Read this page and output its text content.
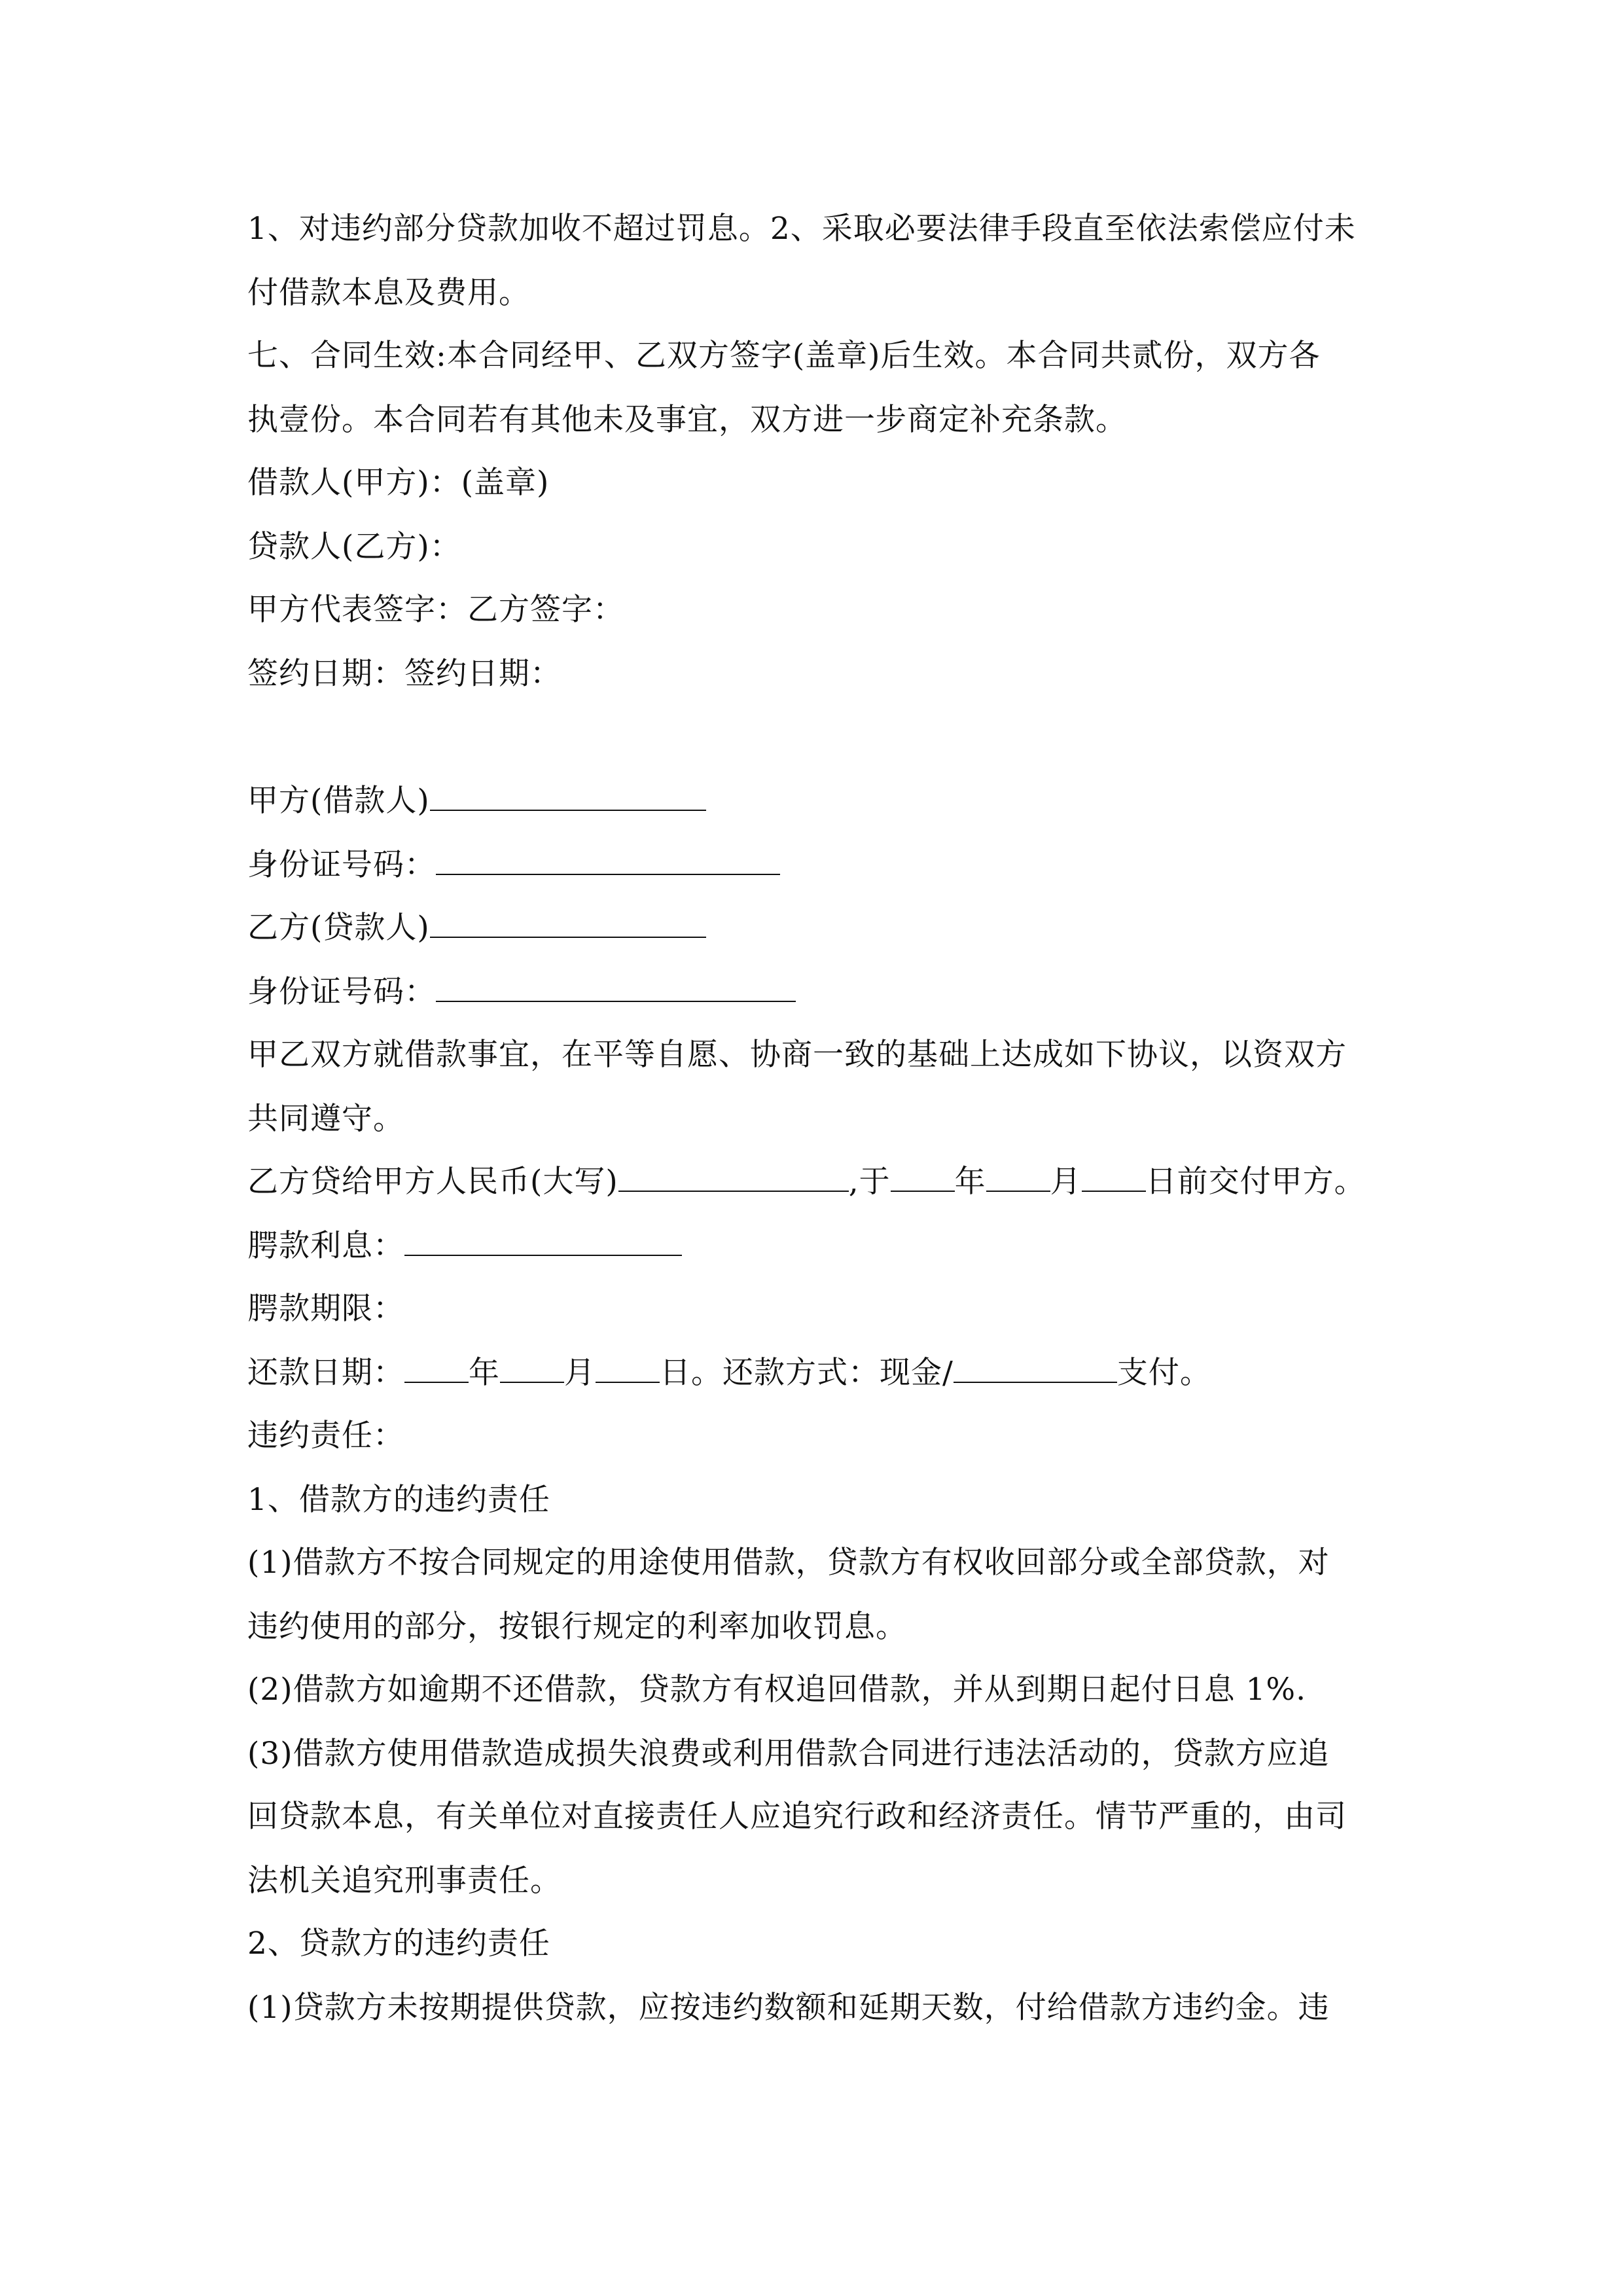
1、对违约部分贷款加收不超过罚息。2、采取必要法律手段直至依法索偿应付未
付借款本息及费用。
七、合同生效:本合同经甲、乙双方签字(盖章)后生效。本合同共贰份，双方各
执壹份。本合同若有其他未及事宜，双方进一步商定补充条款。
借款人(甲方)：(盖章)
贷款人(乙方)：
甲方代表签字：乙方签字：
签约日期：签约日期：
甲方(借款人)
身份证号码：
乙方(贷款人)
身份证号码：
甲乙双方就借款事宜，在平等自愿、协商一致的基础上达成如下协议，以资双方
共同遵守。
乙方贷给甲方人民币(大写)	,于 年 月 日前交付甲方。
腭款利息：
腭款期限：
还款日期： 年 月 日。还款方式：现金/	支付。
违约责任：
1、借款方的违约责任
(1)借款方不按合同规定的用途使用借款，贷款方有权收回部分或全部贷款，对
违约使用的部分，按银行规定的利率加收罚息。
(2)借款方如逾期不还借款，贷款方有权追回借款，并从到期日起付日息 1%.
(3)借款方使用借款造成损失浪费或利用借款合同进行违法活动的，贷款方应追
回贷款本息，有关单位对直接责任人应追究行政和经济责任。情节严重的，由司
法机关追究刑事责任。
2、贷款方的违约责任
(1)贷款方未按期提供贷款，应按违约数额和延期天数，付给借款方违约金。违
